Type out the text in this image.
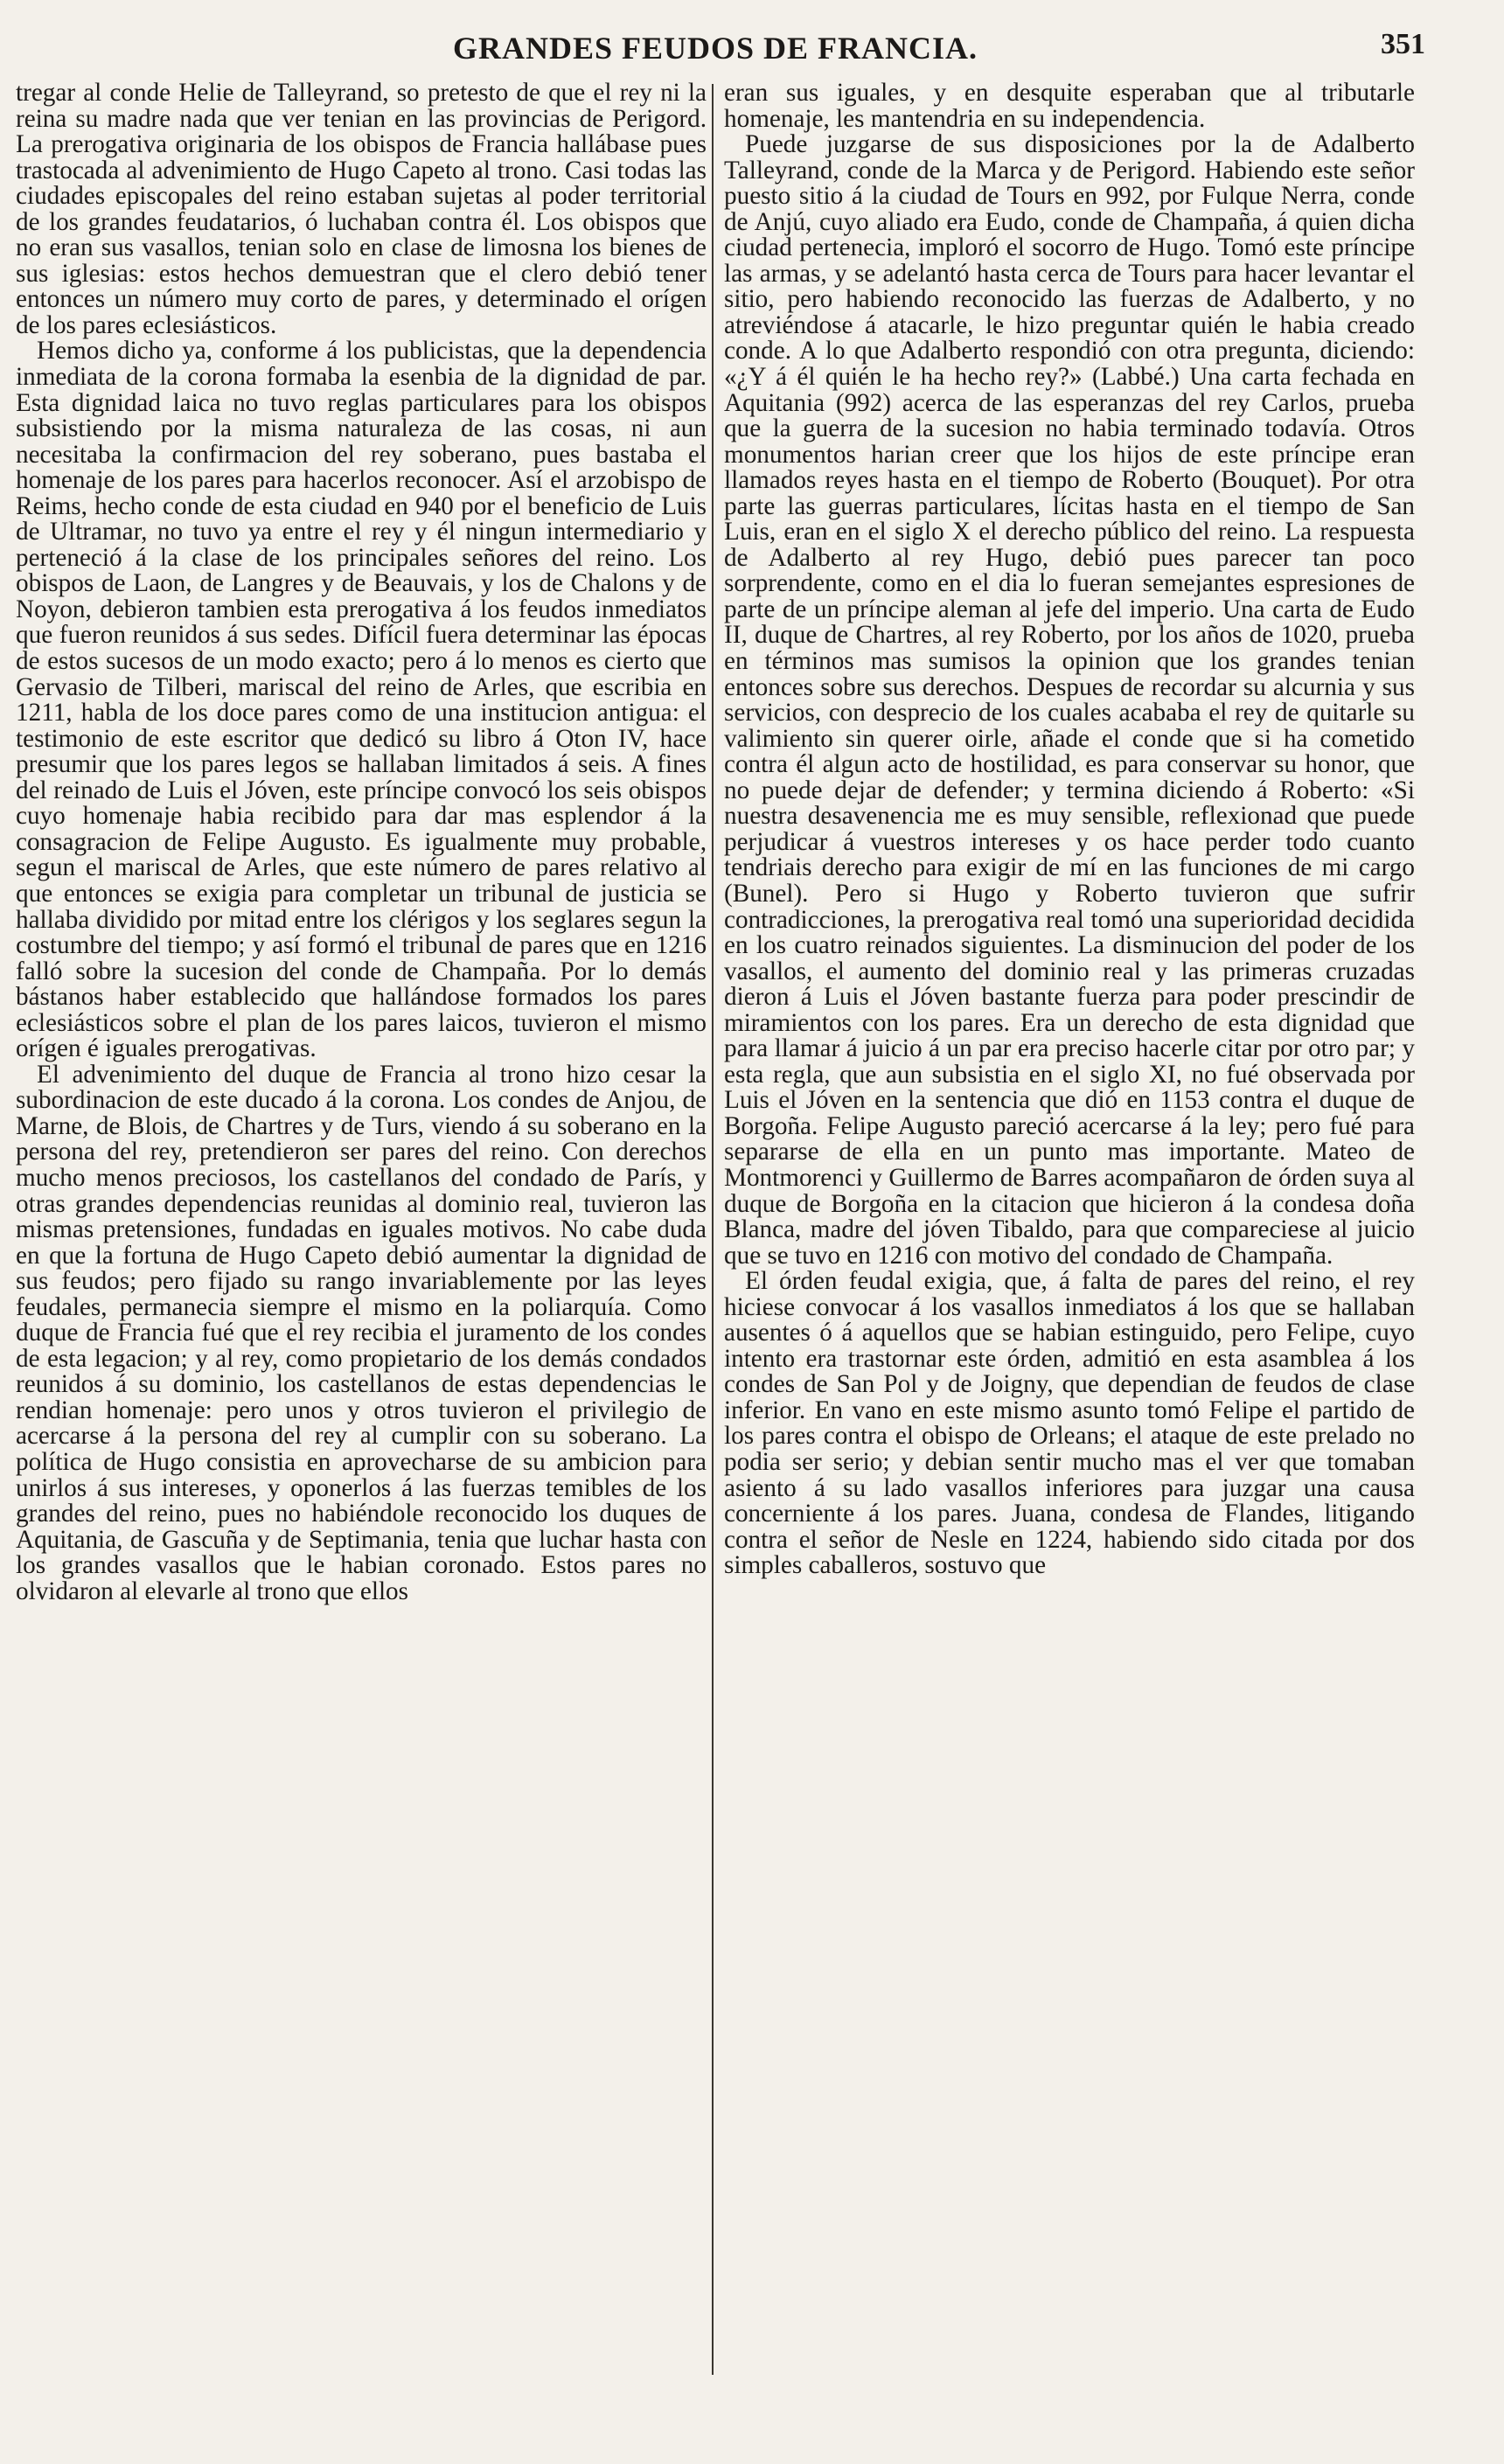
GRANDES FEUDOS DE FRANCIA.	351

tregar al conde Helie de Talleyrand, so pretesto de que el rey ni la reina su madre nada que ver tenian en las provincias de Perigord. La prerogativa originaria de los obispos de Francia hallábase pues trastocada al advenimiento de Hugo Capeto al trono. Casi todas las ciudades episcopales del reino estaban sujetas al poder territorial de los grandes feudatarios, ó luchaban contra él. Los obispos que no eran sus vasallos, tenian solo en clase de limosna los bienes de sus iglesias: estos hechos demuestran que el clero debió tener entonces un número muy corto de pares, y determinado el orígen de los pares eclesiásticos.

Hemos dicho ya, conforme á los publicistas, que la dependencia inmediata de la corona formaba la esenbia de la dignidad de par. Esta dignidad laica no tuvo reglas particulares para los obispos subsistiendo por la misma naturaleza de las cosas, ni aun necesitaba la confirmacion del rey soberano, pues bastaba el homenaje de los pares para hacerlos reconocer. Así el arzobispo de Reims, hecho conde de esta ciudad en 940 por el beneficio de Luis de Ultramar, no tuvo ya entre el rey y él ningun intermediario y perteneció á la clase de los principales señores del reino. Los obispos de Laon, de Langres y de Beauvais, y los de Chalons y de Noyon, debieron tambien esta prerogativa á los feudos inmediatos que fueron reunidos á sus sedes. Difícil fuera determinar las épocas de estos sucesos de un modo exacto; pero á lo menos es cierto que Gervasio de Tilberi, mariscal del reino de Arles, que escribia en 1211, habla de los doce pares como de una institucion antigua: el testimonio de este escritor que dedicó su libro á Oton IV, hace presumir que los pares legos se hallaban limitados á seis. A fines del reinado de Luis el Jóven, este príncipe convocó los seis obispos cuyo homenaje habia recibido para dar mas esplendor á la consagracion de Felipe Augusto. Es igualmente muy probable, segun el mariscal de Arles, que este número de pares relativo al que entonces se exigia para completar un tribunal de justicia se hallaba dividido por mitad entre los clérigos y los seglares segun la costumbre del tiempo; y así formó el tribunal de pares que en 1216 falló sobre la sucesion del conde de Champaña. Por lo demás bástanos haber establecido que hallándose formados los pares eclesiásticos sobre el plan de los pares laicos, tuvieron el mismo orígen é iguales prerogativas.

El advenimiento del duque de Francia al trono hizo cesar la subordinacion de este ducado á la corona. Los condes de Anjou, de Marne, de Blois, de Chartres y de Turs, viendo á su soberano en la persona del rey, pretendieron ser pares del reino. Con derechos mucho menos preciosos, los castellanos del condado de París, y otras grandes dependencias reunidas al dominio real, tuvieron las mismas pretensiones, fundadas en iguales motivos. No cabe duda en que la fortuna de Hugo Capeto debió aumentar la dignidad de sus feudos; pero fijado su rango invariablemente por las leyes feudales, permanecia siempre el mismo en la poliarquía. Como duque de Francia fué que el rey recibia el juramento de los condes de esta legacion; y al rey, como propietario de los demás condados reunidos á su dominio, los castellanos de estas dependencias le rendian homenaje: pero unos y otros tuvieron el privilegio de acercarse á la persona del rey al cumplir con su soberano. La política de Hugo consistia en aprovecharse de su ambicion para unirlos á sus intereses, y oponerlos á las fuerzas temibles de los grandes del reino, pues no habiéndole reconocido los duques de Aquitania, de Gascuña y de Septimania, tenia que luchar hasta con los grandes vasallos que le habian coronado. Estos pares no olvidaron al elevarle al trono que ellos

eran sus iguales, y en desquite esperaban que al tributarle homenaje, les mantendria en su independencia.

Puede juzgarse de sus disposiciones por la de Adalberto Talleyrand, conde de la Marca y de Perigord. Habiendo este señor puesto sitio á la ciudad de Tours en 992, por Fulque Nerra, conde de Anjú, cuyo aliado era Eudo, conde de Champaña, á quien dicha ciudad pertenecia, imploró el socorro de Hugo. Tomó este príncipe las armas, y se adelantó hasta cerca de Tours para hacer levantar el sitio, pero habiendo reconocido las fuerzas de Adalberto, y no atreviéndose á atacarle, le hizo preguntar quién le habia creado conde. A lo que Adalberto respondió con otra pregunta, diciendo: «¿Y á él quién le ha hecho rey?» (Labbé.) Una carta fechada en Aquitania (992) acerca de las esperanzas del rey Carlos, prueba que la guerra de la sucesion no habia terminado todavía. Otros monumentos harian creer que los hijos de este príncipe eran llamados reyes hasta en el tiempo de Roberto (Bouquet). Por otra parte las guerras particulares, lícitas hasta en el tiempo de San Luis, eran en el siglo X el derecho público del reino. La respuesta de Adalberto al rey Hugo, debió pues parecer tan poco sorprendente, como en el dia lo fueran semejantes espresiones de parte de un príncipe aleman al jefe del imperio. Una carta de Eudo II, duque de Chartres, al rey Roberto, por los años de 1020, prueba en términos mas sumisos la opinion que los grandes tenian entonces sobre sus derechos. Despues de recordar su alcurnia y sus servicios, con desprecio de los cuales acababa el rey de quitarle su valimiento sin querer oirle, añade el conde que si ha cometido contra él algun acto de hostilidad, es para conservar su honor, que no puede dejar de defender; y termina diciendo á Roberto: «Si nuestra desavenencia me es muy sensible, reflexionad que puede perjudicar á vuestros intereses y os hace perder todo cuanto tendriais derecho para exigir de mí en las funciones de mi cargo (Bunel). Pero si Hugo y Roberto tuvieron que sufrir contradicciones, la prerogativa real tomó una superioridad decidida en los cuatro reinados siguientes. La disminucion del poder de los vasallos, el aumento del dominio real y las primeras cruzadas dieron á Luis el Jóven bastante fuerza para poder prescindir de miramientos con los pares. Era un derecho de esta dignidad que para llamar á juicio á un par era preciso hacerle citar por otro par; y esta regla, que aun subsistia en el siglo XI, no fué observada por Luis el Jóven en la sentencia que dió en 1153 contra el duque de Borgoña. Felipe Augusto pareció acercarse á la ley; pero fué para separarse de ella en un punto mas importante. Mateo de Montmorenci y Guillermo de Barres acompañaron de órden suya al duque de Borgoña en la citacion que hicieron á la condesa doña Blanca, madre del jóven Tibaldo, para que compareciese al juicio que se tuvo en 1216 con motivo del condado de Champaña.

El órden feudal exigia, que, á falta de pares del reino, el rey hiciese convocar á los vasallos inmediatos á los que se hallaban ausentes ó á aquellos que se habian estinguido, pero Felipe, cuyo intento era trastornar este órden, admitió en esta asamblea á los condes de San Pol y de Joigny, que dependian de feudos de clase inferior. En vano en este mismo asunto tomó Felipe el partido de los pares contra el obispo de Orleans; el ataque de este prelado no podia ser serio; y debian sentir mucho mas el ver que tomaban asiento á su lado vasallos inferiores para juzgar una causa concerniente á los pares. Juana, condesa de Flandes, litigando contra el señor de Nesle en 1224, habiendo sido citada por dos simples caballeros, sostuvo que
